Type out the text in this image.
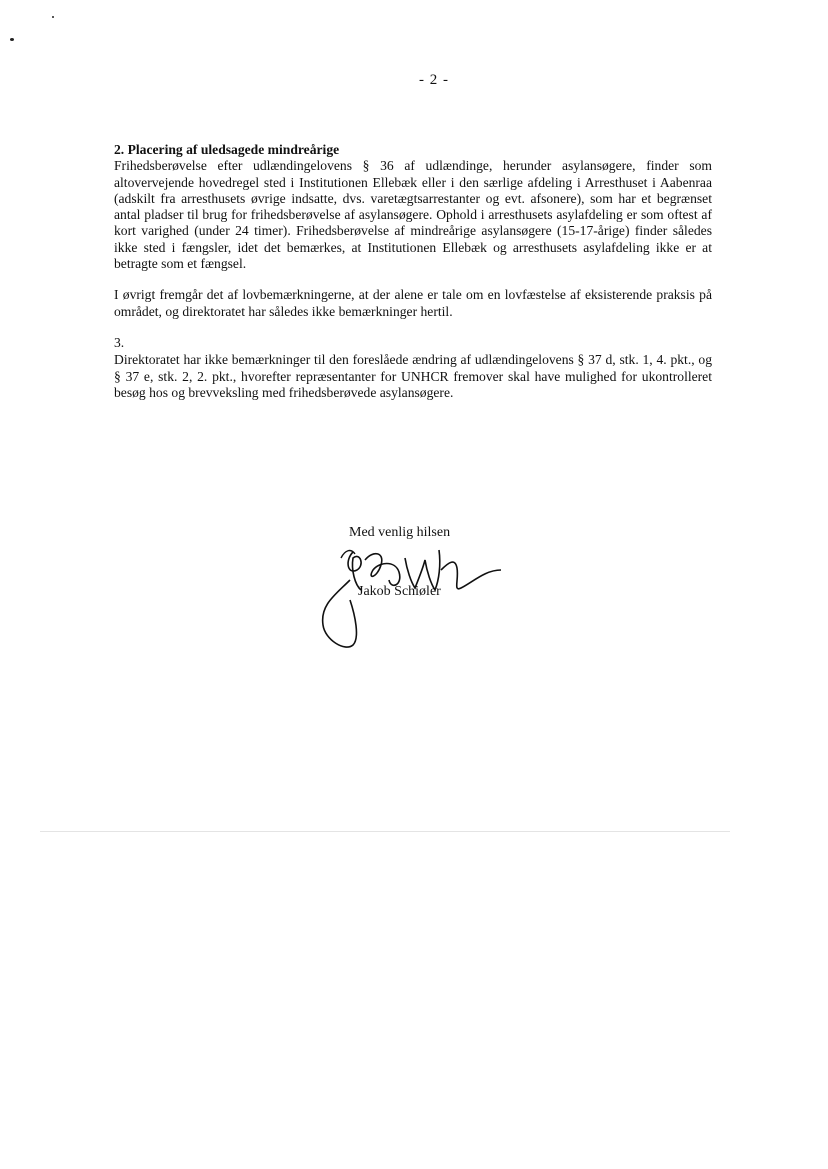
- 2 -
2. Placering af uledsagede mindreårige
Frihedsberøvelse efter udlændingelovens § 36 af udlændinge, herunder asylansøgere, finder som altovervejende hovedregel sted i Institutionen Ellebæk eller i den særlige afdeling i Arresthuset i Aabenraa (adskilt fra arresthusets øvrige indsatte, dvs. varetægtsarrestanter og evt. afsonere), som har et begrænset antal pladser til brug for frihedsberøvelse af asylansøgere. Ophold i arresthusets asylafdeling er som oftest af kort varighed (under 24 timer). Frihedsberøvelse af mindreårige asylansøgere (15-17-årige) finder således ikke sted i fængsler, idet det bemærkes, at Institutionen Ellebæk og arresthusets asylafdeling ikke er at betragte som et fængsel.
I øvrigt fremgår det af lovbemærkningerne, at der alene er tale om en lovfæstelse af eksisterende praksis på området, og direktoratet har således ikke bemærkninger hertil.
3.
Direktoratet har ikke bemærkninger til den foreslåede ændring af udlændingelovens § 37 d, stk. 1, 4. pkt., og § 37 e, stk. 2, 2. pkt., hvorefter repræsentanter for UNHCR fremover skal have mulighed for ukontrolleret besøg hos og brevveksling med frihedsberøvede asylansøgere.
Med venlig hilsen
Jakob Schiøler
